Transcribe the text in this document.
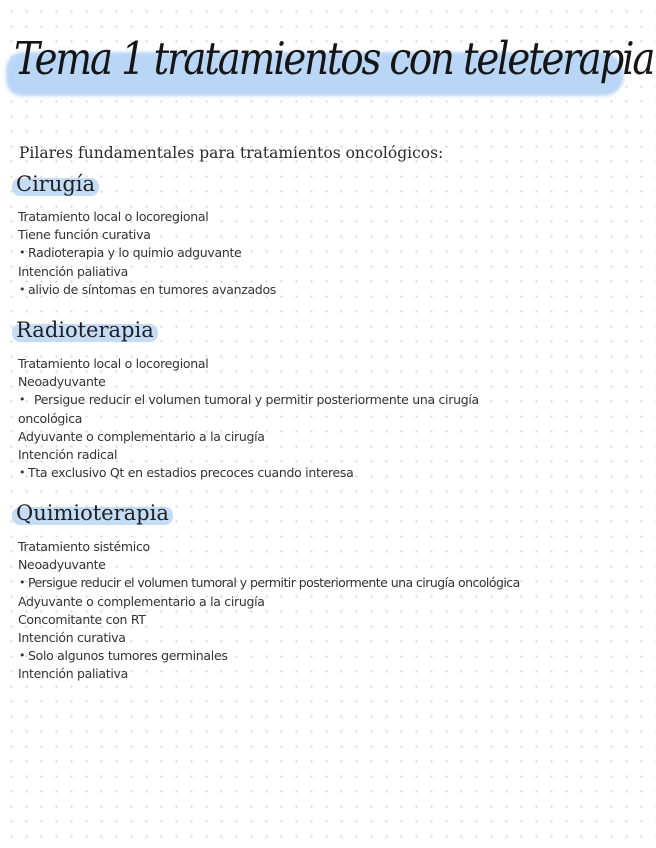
Tema 1 tratamientos con teleterapia

Pilares fundamentales para tratamientos oncológicos:

Cirugía
Tratamiento local o locoregional
Tiene función curativa
• Radioterapia y lo quimio adguvante
Intención paliativa
• alivio de síntomas en tumores avanzados
Radioterapia
Tratamiento local o locoregional
Neoadyuvante
• Persigue reducir el volumen tumoral y permitir posteriormente una cirugía
oncológica
Adyuvante o complementario a la cirugía
Intención radical
• Tta exclusivo Qt en estadios precoces cuando interesa
Quimioterapia
Tratamiento sistémico
Neoadyuvante
• Persigue reducir el volumen tumoral y permitir posteriormente una cirugía oncológica
Adyuvante o complementario a la cirugía
Concomitante con RT
Intención curativa
• Solo algunos tumores germinales
Intención paliativa
